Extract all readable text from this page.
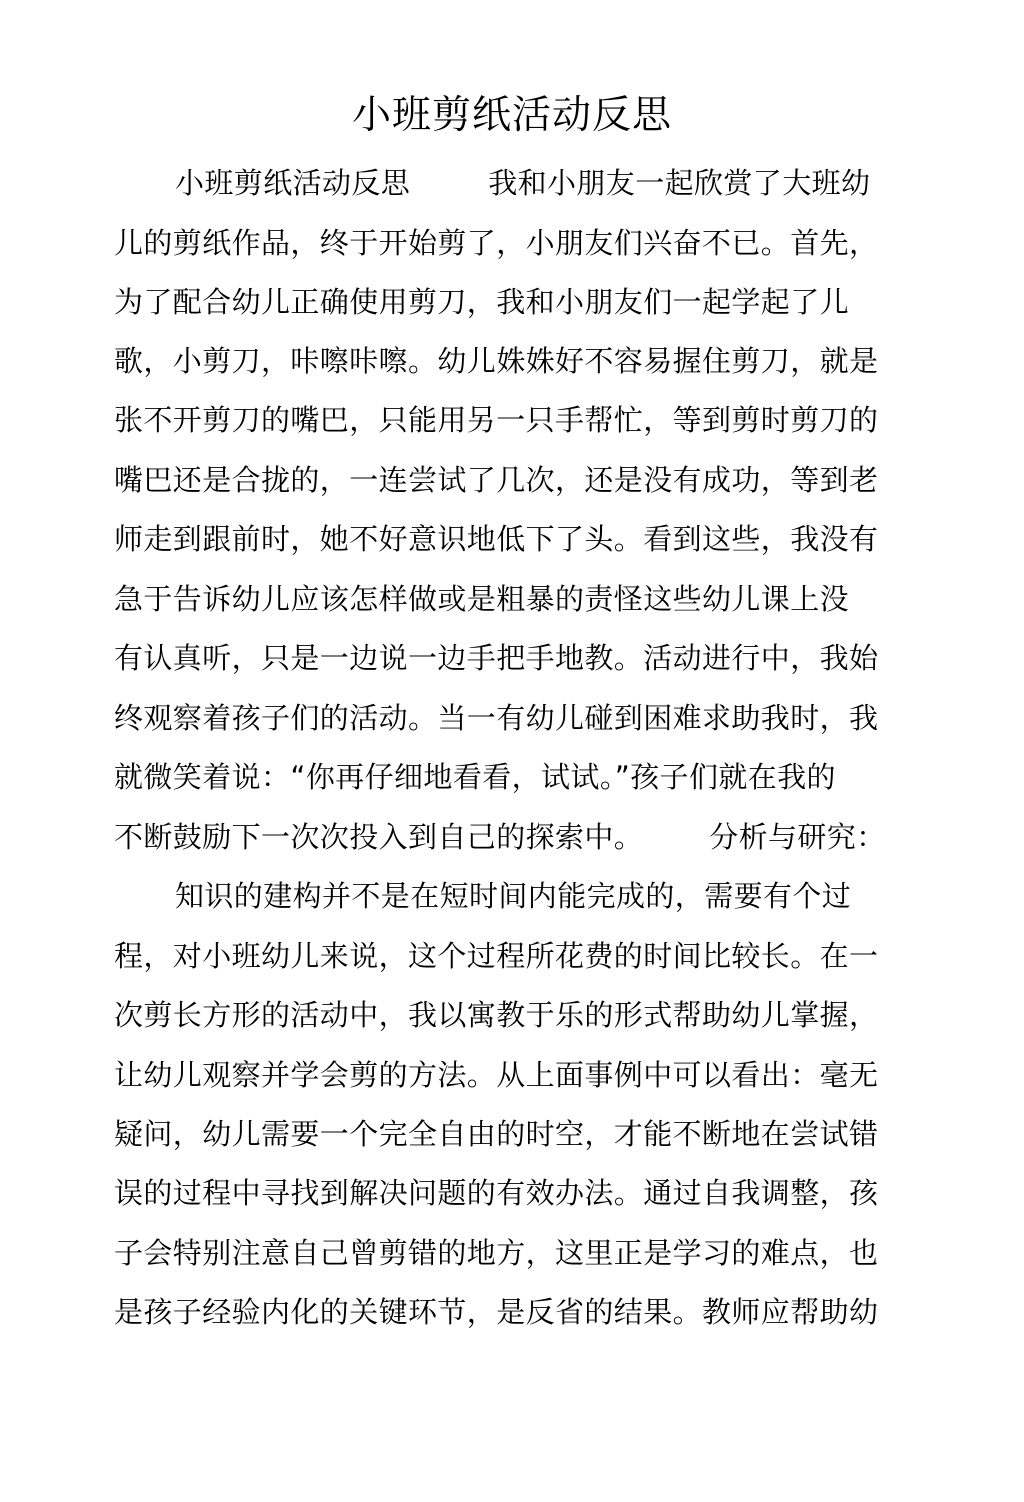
小班剪纸活动反思
小班剪纸活动反思	我和小朋友一起欣赏了大班幼
儿的剪纸作品，终于开始剪了，小朋友们兴奋不已。首先，
为了配合幼儿正确使用剪刀，我和小朋友们一起学起了儿
歌，小剪刀，咔嚓咔嚓。幼儿姝姝好不容易握住剪刀，就是
张不开剪刀的嘴巴，只能用另一只手帮忙，等到剪时剪刀的
嘴巴还是合拢的，一连尝试了几次，还是没有成功，等到老
师走到跟前时，她不好意识地低下了头。看到这些，我没有
急于告诉幼儿应该怎样做或是粗暴的责怪这些幼儿课上没
有认真听，只是一边说一边手把手地教。活动进行中，我始
终观察着孩子们的活动。当一有幼儿碰到困难求助我时，我
就微笑着说：“你再仔细地看看，试试。”孩子们就在我的
不断鼓励下一次次投入到自己的探索中。 分析与研究：
知识的建构并不是在短时间内能完成的，需要有个过
程，对小班幼儿来说，这个过程所花费的时间比较长。在一
次剪长方形的活动中，我以寓教于乐的形式帮助幼儿掌握，
让幼儿观察并学会剪的方法。从上面事例中可以看出：毫无
疑问，幼儿需要一个完全自由的时空，才能不断地在尝试错
误的过程中寻找到解决问题的有效办法。通过自我调整，孩
子会特别注意自己曾剪错的地方，这里正是学习的难点，也
是孩子经验内化的关键环节，是反省的结果。教师应帮助幼
